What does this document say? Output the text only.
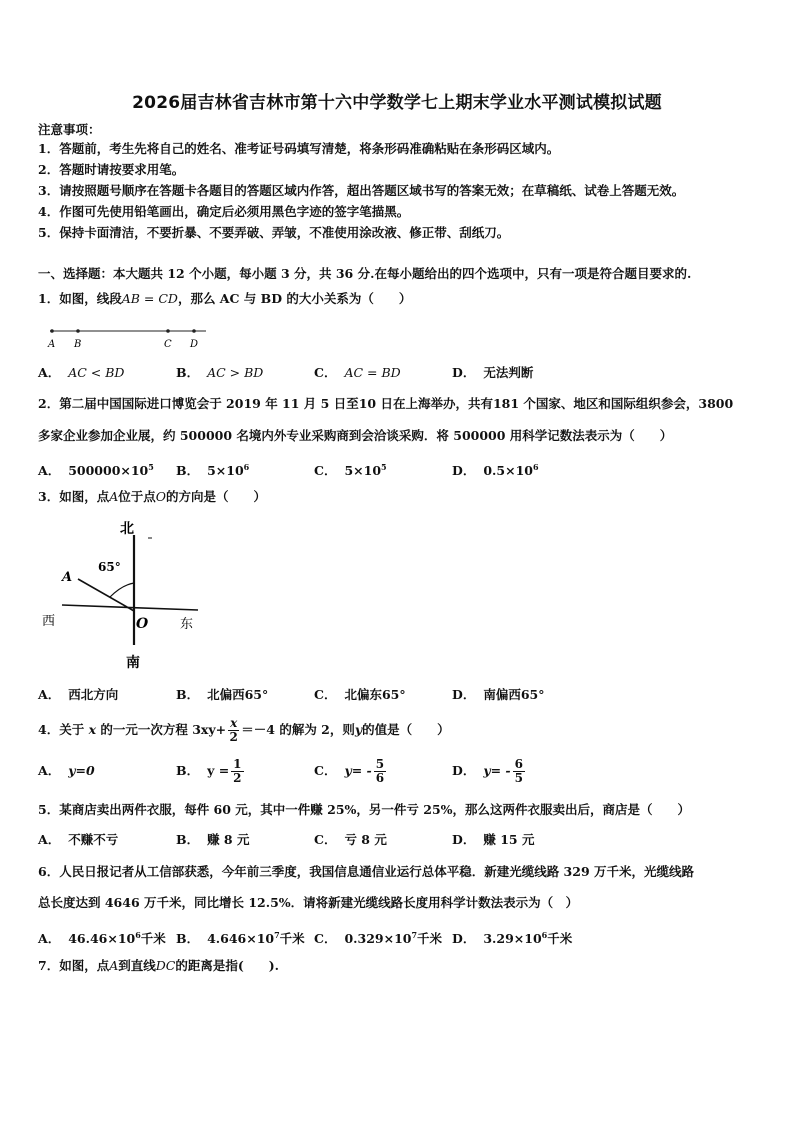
2026届吉林省吉林市第十六中学数学七上期末学业水平测试模拟试题
注意事项：
1．答题前，考生先将自己的姓名、准考证号码填写清楚，将条形码准确粘贴在条形码区域内。
2．答题时请按要求用笔。
3．请按照题号顺序在答题卡各题目的答题区域内作答，超出答题区域书写的答案无效；在草稿纸、试卷上答题无效。
4．作图可先使用铅笔画出，确定后必须用黑色字迹的签字笔描黑。
5．保持卡面清洁，不要折暴、不要弄破、弄皱，不准使用涂改液、修正带、刮纸刀。
一、选择题：本大题共 12 个小题，每小题 3 分，共 36 分.在每小题给出的四个选项中，只有一项是符合题目要求的.
1．如图，线段AB = CD，那么 AC 与 BD 的大小关系为（　　）
A B	C D
A． AC < BD	B． AC > BD	C． AC = BD	D． 无法判断
2．第二届中国国际进口博览会于 2019 年 11 月 5 日至10 日在上海举办，共有181 个国家、地区和国际组织参会，3800
多家企业参加企业展，约 500000 名境内外专业采购商到会洽谈采购．将 500000 用科学记数法表示为（　　）
A． $500000\times 10^5$ B． $5\times 10^6$	C． $5\times 10^5$	D． $0.5\times 10^6$
3．如图，点A位于点O的方向是（　　）
北
65°
A
西	O 东
南
A． 西北方向	B． 北偏西65°	C． 北偏东65°	D． 南偏西65°
4．关于 x 的一元一次方程 $3xy+ \frac{x}{2} =-4$ 的解为 2，则y的值是（　　）
A． y=0	B． $y = \frac{1}{2}$	C． $y= - \frac{5}{6}$	D． $y= - \frac{6}{5}$
5．某商店卖出两件衣服，每件 60 元，其中一件赚 25%，另一件亏 25%，那么这两件衣服卖出后，商店是（　　）
A． 不赚不亏	B． 赚 8 元	C． 亏 8 元	D． 赚 15 元
6．人民日报记者从工信部获悉，今年前三季度，我国信息通信业运行总体平稳．新建光缆线路 329 万千米，光缆线路
总长度达到 4646 万千米，同比增长 12.5%．请将新建光缆线路长度用科学计数法表示为（　）
A． $46.46\times 10^6$千米 B． $4.646\times 10^7$千米 C． $0.329\times 10^7$千米 D． $3.29\times 10^6$千米
7．如图，点A到直线DC的距离是指(　　).
